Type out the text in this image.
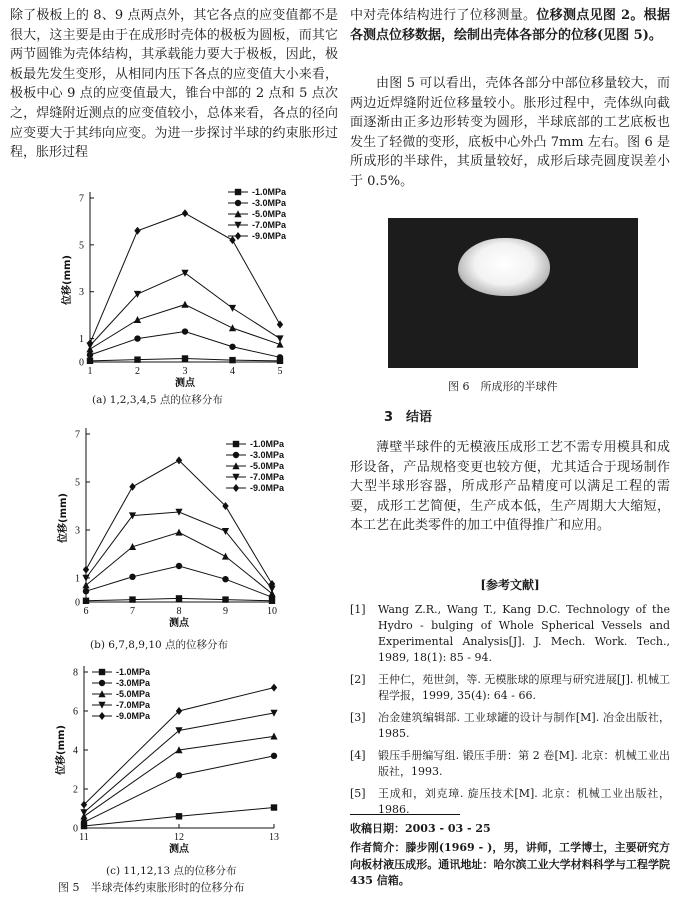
除了极板上的 8、9 点两点外，其它各点的应变值都不是很大，这主要是由于在成形时壳体的极板为圆板，而其它两节圆锥为壳体结构，其承载能力要大于极板，因此，极板最先发生变形，从相同内压下各点的应变值大小来看，极板中心 9 点的应变值最大，锥台中部的 2 点和 5 点次之，焊缝附近测点的应变值较小，总体来看，各点的径向应变要大于其纬向应变。为进一步探讨半球的约束胀形过程，胀形过程

0
1
3
5
7
1	2	3	4	5
测点
位移(mm)
-1.0MPa
-3.0MPa
-5.0MPa
-7.0MPa
-9.0MPa
(a) 1,2,3,4,5 点的位移分布
0
1
3
5
7
6	7	8	9	10
测点
位移(mm)
-1.0MPa
-3.0MPa
-5.0MPa
-7.0MPa
-9.0MPa
(b) 6,7,8,9,10 点的位移分布
0
2
4
6
8
11	12	13
测点
位移(mm)
-1.0MPa
-3.0MPa
-5.0MPa
-7.0MPa
-9.0MPa
(c) 11,12,13 点的位移分布
图 5　半球壳体约束胀形时的位移分布

中对壳体结构进行了位移测量。位移测点见图 2。根据各测点位移数据，绘制出壳体各部分的位移(见图 5)。

由图 5 可以看出，壳体各部分中部位移量较大，而两边近焊缝附近位移量较小。胀形过程中，壳体纵向截面逐渐由正多边形转变为圆形，半球底部的工艺底板也发生了轻微的变形，底板中心外凸 7mm 左右。图 6 是所成形的半球件，其质量较好，成形后球壳圆度误差小于 0.5%。

图 6　所成形的半球件
3　结语

薄壁半球件的无模液压成形工艺不需专用模具和成形设备，产品规格变更也较方便，尤其适合于现场制作大型半球形容器，所成形产品精度可以满足工程的需要，成形工艺简便，生产成本低，生产周期大大缩短，本工艺在此类零件的加工中值得推广和应用。

[参考文献]
[1]	Wang Z.R., Wang T., Kang D.C. Technology of the Hydro - bulging of Whole Spherical Vessels and Experimental Analysis[J]. J. Mech. Work. Tech., 1989, 18(1): 85 - 94.
[2]	王仲仁，苑世剑，等. 无模胀球的原理与研究进展[J]. 机械工程学报，1999, 35(4): 64 - 66.
[3]	冶金建筑编辑部. 工业球罐的设计与制作[M]. 冶金出版社，1985.
[4]	锻压手册编写组. 锻压手册：第 2 卷[M]. 北京：机械工业出版社，1993.
[5]	王成和，刘克璋. 旋压技术[M]. 北京：机械工业出版社，1986.
收稿日期：2003 - 03 - 25
作者简介：滕步刚(1969 - )，男，讲师，工学博士，主要研究方向板材液压成形。通讯地址：哈尔滨工业大学材料科学与工程学院 435 信箱。
